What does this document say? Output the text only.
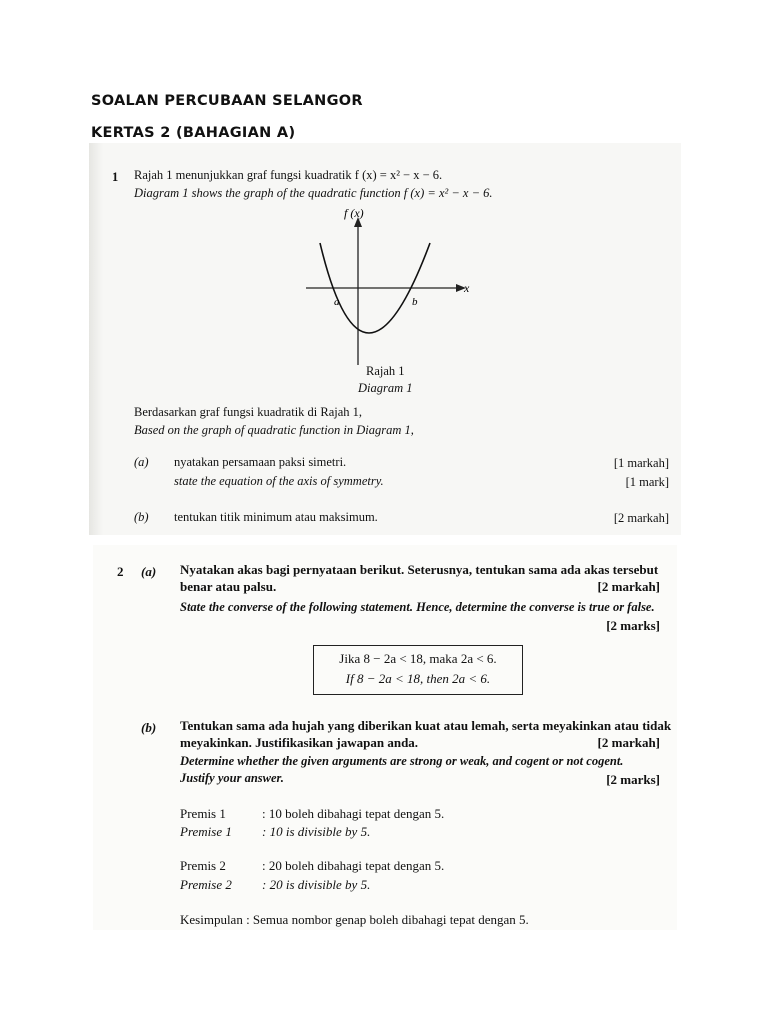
SOALAN PERCUBAAN SELANGOR
KERTAS 2 (BAHAGIAN A)
1 Rajah 1 menunjukkan graf fungsi kuadratik f (x) = x² − x − 6.
Diagram 1 shows the graph of the quadratic function f (x) = x² − x − 6.
f (x)
x
a	b
Rajah 1
Diagram 1
Berdasarkan graf fungsi kuadratik di Rajah 1,
Based on the graph of quadratic function in Diagram 1,
(a) nyatakan persamaan paksi simetri.	[1 markah]
state the equation of the axis of symmetry.	[1 mark]
(b) tentukan titik minimum atau maksimum.	[2 markah]
2 (a) Nyatakan akas bagi pernyataan berikut. Seterusnya, tentukan sama ada akas tersebut
benar atau palsu.	[2 markah]
State the converse of the following statement. Hence, determine the converse is true or false.
[2 marks]
Jika 8 − 2a < 18, maka 2a < 6.
If 8 − 2a < 18, then 2a < 6.
(b) Tentukan sama ada hujah yang diberikan kuat atau lemah, serta meyakinkan atau tidak
meyakinkan. Justifikasikan jawapan anda.	[2 markah]
Determine whether the given arguments are strong or weak, and cogent or not cogent.
Justify your answer.	[2 marks]
Premis 1	: 10 boleh dibahagi tepat dengan 5.
Premise 1 : 10 is divisible by 5.
Premis 2	: 20 boleh dibahagi tepat dengan 5.
Premise 2 : 20 is divisible by 5.
Kesimpulan : Semua nombor genap boleh dibahagi tepat dengan 5.
